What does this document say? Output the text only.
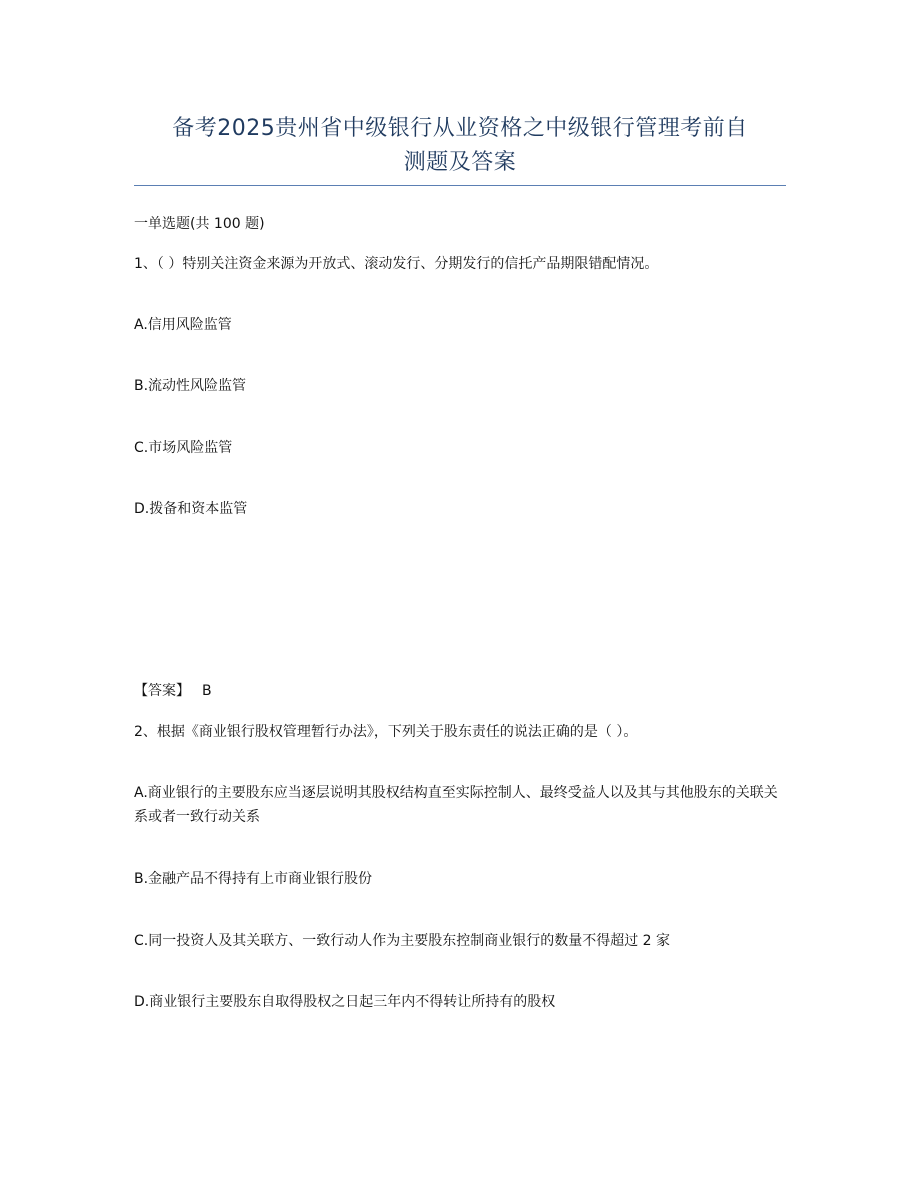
备考2025贵州省中级银行从业资格之中级银行管理考前自
测题及答案
一单选题(共 100 题)
1、（ ）特别关注资金来源为开放式、滚动发行、分期发行的信托产品期限错配情况。
A.信用风险监管
B.流动性风险监管
C.市场风险监管
D.拨备和资本监管
【答案】 B
2、根据《商业银行股权管理暂行办法》，下列关于股东责任的说法正确的是（ ）。
A.商业银行的主要股东应当逐层说明其股权结构直至实际控制人、最终受益人以及其与其他股东的关联关系或者一致行动关系
B.金融产品不得持有上市商业银行股份
C.同一投资人及其关联方、一致行动人作为主要股东控制商业银行的数量不得超过 2 家
D.商业银行主要股东自取得股权之日起三年内不得转让所持有的股权
